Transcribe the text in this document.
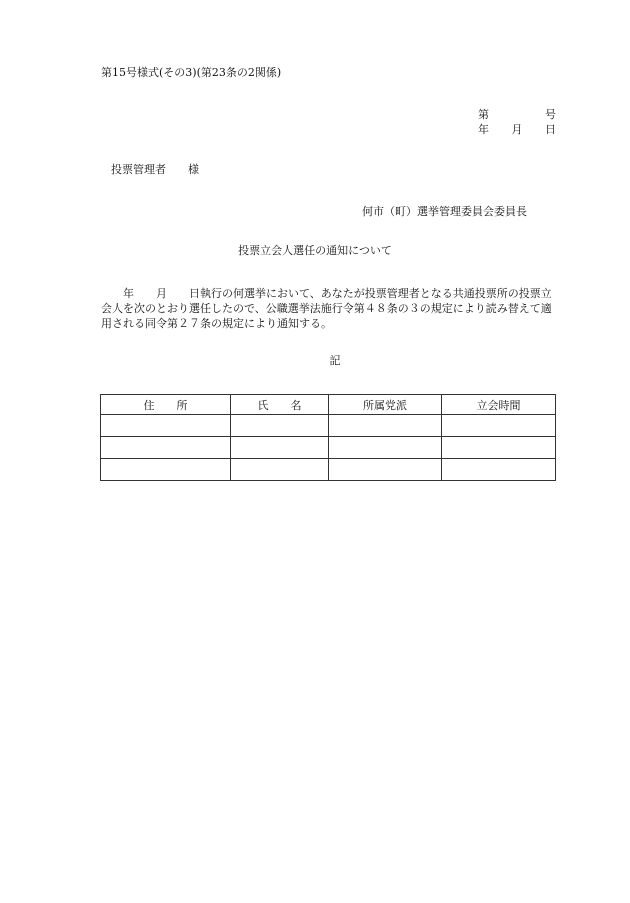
第15号様式(その3)(第23条の2関係)
第	号
年 月 日
投票管理者 様
何市（町）選挙管理委員会委員長
投票立会人選任の通知について
　　年　　月　　日執行の何選挙において、あなたが投票管理者となる共通投票所の投票立
会人を次のとおり選任したので、公職選挙法施行令第４８条の３の規定により読み替えて適
用される同令第２７条の規定により通知する。
記
住　　所	氏　　名	所属党派	立会時間
